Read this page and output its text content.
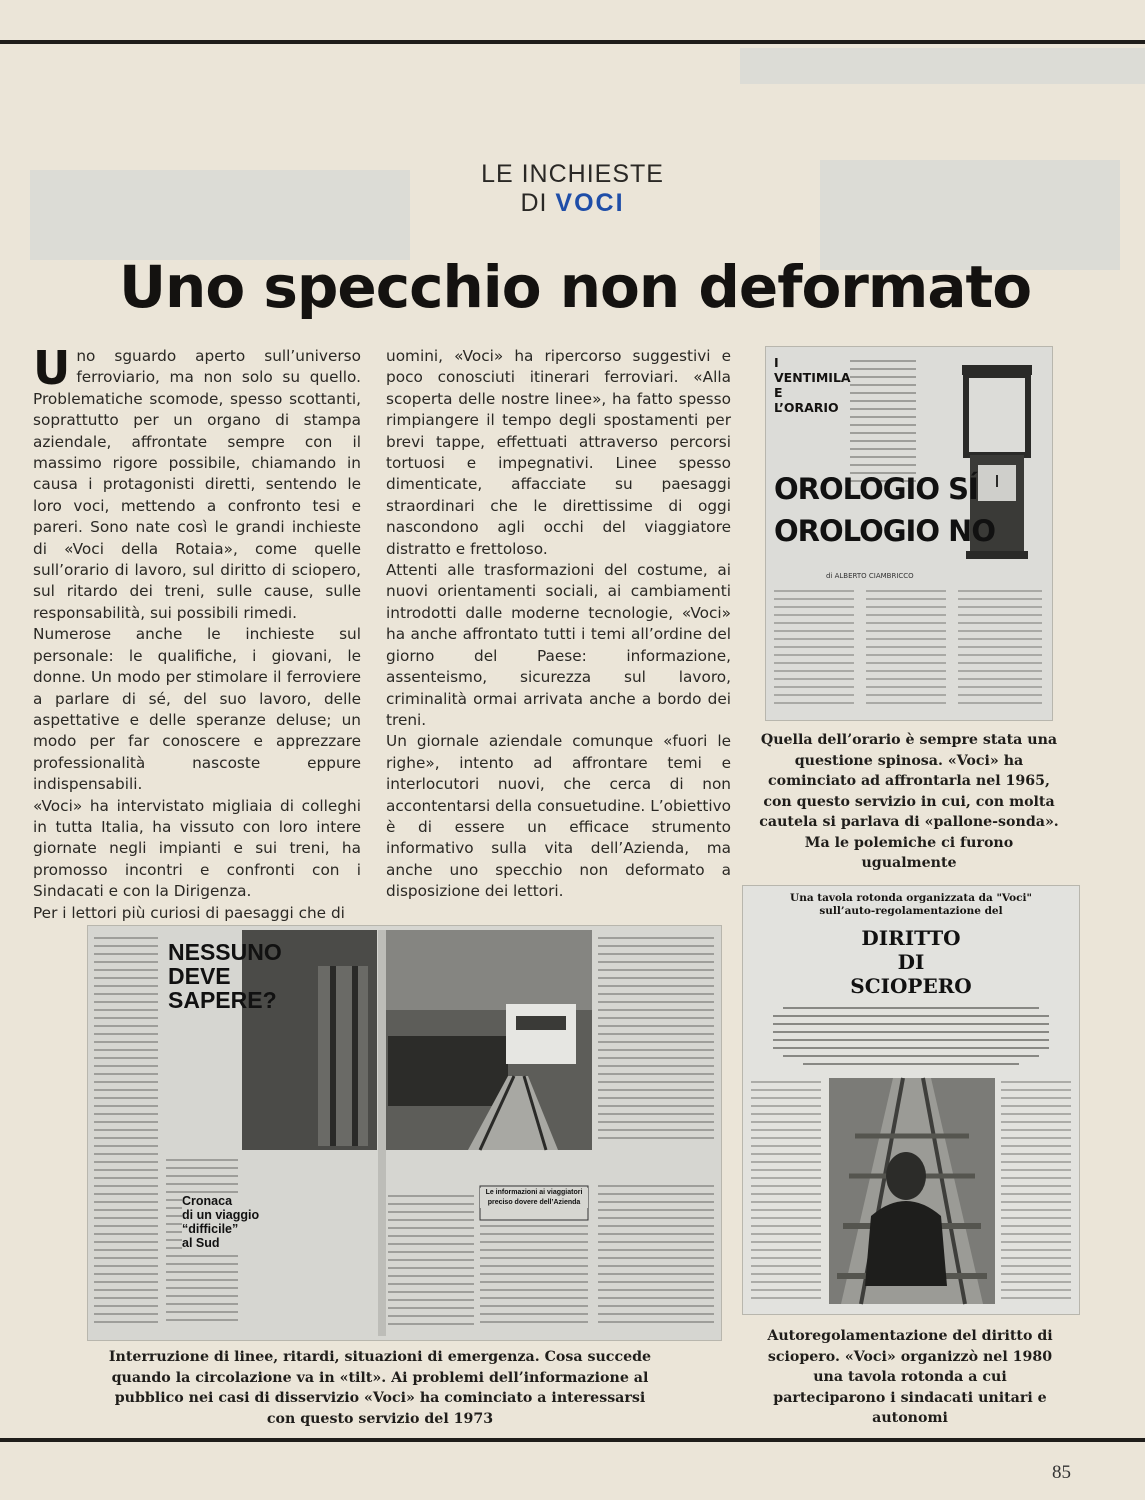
LE INCHIESTE
DI VOCI
Uno specchio non deformato

Uno sguardo aperto sull’universo ferroviario, ma non solo su quello. Problematiche scomode, spesso scottanti, soprattutto per un organo di stampa aziendale, affrontate sempre con il massimo rigore possibile, chiamando in causa i protagonisti diretti, sentendo le loro voci, mettendo a confronto tesi e pareri. Sono nate così le grandi inchieste di «Voci della Rotaia», come quelle sull’orario di lavoro, sul diritto di sciopero, sul ritardo dei treni, sulle cause, sulle responsabilità, sui possibili rimedi.

Numerose anche le inchieste sul personale: le qualifiche, i giovani, le donne. Un modo per stimolare il ferroviere a parlare di sé, del suo lavoro, delle aspettative e delle speranze deluse; un modo per far conoscere e apprezzare professionalità nascoste eppure indispensabili.

«Voci» ha intervistato migliaia di colleghi in tutta Italia, ha vissuto con loro intere giornate negli impianti e sui treni, ha promosso incontri e confronti con i Sindacati e con la Dirigenza.

Per i lettori più curiosi di paesaggi che di

uomini, «Voci» ha ripercorso suggestivi e poco conosciuti itinerari ferroviari. «Alla scoperta delle nostre linee», ha fatto spesso rimpiangere il tempo degli spostamenti per brevi tappe, effettuati attraverso percorsi tortuosi e impegnativi. Linee spesso dimenticate, affacciate su paesaggi straordinari che le direttissime di oggi nascondono agli occhi del viaggiatore distratto e frettoloso.

Attenti alle trasformazioni del costume, ai nuovi orientamenti sociali, ai cambiamenti introdotti dalle moderne tecnologie, «Voci» ha anche affrontato tutti i temi all’ordine del giorno del Paese: informazione, assenteismo, sicurezza sul lavoro, criminalità ormai arrivata anche a bordo dei treni.

Un giornale aziendale comunque «fuori le righe», intento ad affrontare temi e interlocutori nuovi, che cerca di non accontentarsi della consuetudine. L’obiettivo è di essere un efficace strumento informativo sulla vita dell’Azienda, ma anche uno specchio non deformato a disposizione dei lettori.

I VENTIMILA E L’ORARIO
OROLOGIO SÍ
OROLOGIO NO
di ALBERTO CIAMBRICCO
Quella dell’orario è sempre stata una questione spinosa. «Voci» ha cominciato ad affrontarla nel 1965, con questo servizio in cui, con molta cautela si parlava di «pallone-sonda». Ma le polemiche ci furono ugualmente
Una tavola rotonda organizzata da "Voci"
sull’auto-regolamentazione del
DIRITTO
DI
SCIOPERO
Autoregolamentazione del diritto di sciopero. «Voci» organizzò nel 1980 una tavola rotonda a cui parteciparono i sindacati unitari e autonomi
NESSUNO
DEVE
SAPERE?
Cronaca
di un viaggio
“difficile”
al Sud
Le informazioni ai viaggiatori
preciso dovere dell’Azienda
Interruzione di linee, ritardi, situazioni di emergenza. Cosa succede quando la circolazione va in «tilt». Ai problemi dell’informazione al pubblico nei casi di disservizio «Voci» ha cominciato a interessarsi con questo servizio del 1973
85
